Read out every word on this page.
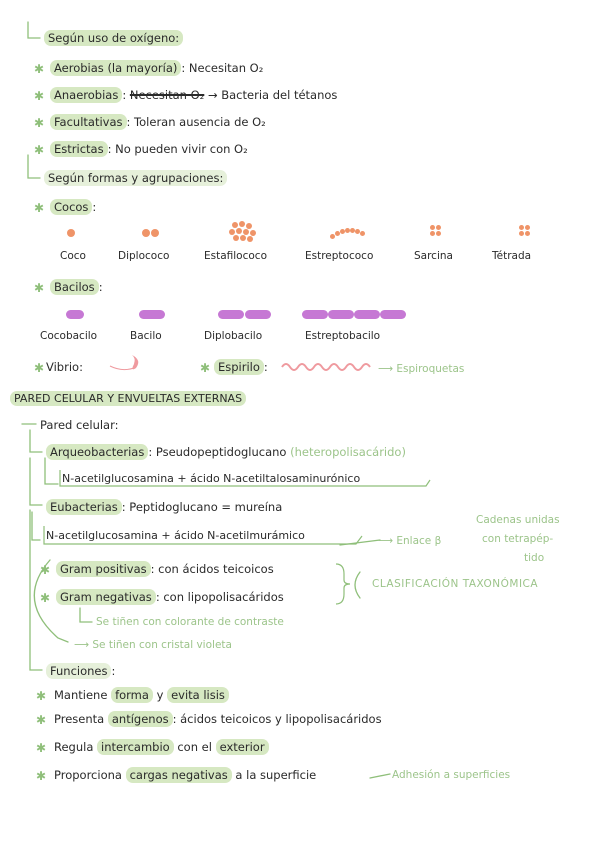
Según uso de oxígeno:
✱ Aerobias (la mayoría) : Necesitan O₂
✱ Anaerobias : Necesitan O₂ → Bacteria del tétanos
✱ Facultativas : Toleran ausencia de O₂
✱ Estrictas : No pueden vivir con O₂
Según formas y agrupaciones:
✱ Cocos :
Coco	Diplococo	Estafilococo	Estreptococo	Sarcina	Tétrada
✱ Bacilos :
Cocobacilo	Bacilo	Diplobacilo	Estreptobacilo
✱ Vibrio:	✱ Espirilo :	⟶ Espiroquetas
PARED CELULAR Y ENVUELTAS EXTERNAS
Pared celular:
Arqueobacterias : Pseudopeptidoglucano (heteropolisacárido)
N-acetilglucosamina + ácido N-acetiltalosaminurónico
Eubacterias : Peptidoglucano = mureína
N-acetilglucosamina + ácido N-acetilmurámico	⟶ Enlace β
Cadenas unidas
con tetrapép-
tido
✱ Gram positivas : con ácidos teicoicos
✱ Gram negativas : con lipopolisacáridos
CLASIFICACIÓN TAXONÓMICA
Se tiñen con colorante de contraste
⟶ Se tiñen con cristal violeta
Funciones :
✱ Mantiene forma y evita lisis
✱ Presenta antígenos : ácidos teicoicos y lipopolisacáridos
✱ Regula intercambio con el exterior
✱ Proporciona cargas negativas a la superficie	Adhesión a superficies
